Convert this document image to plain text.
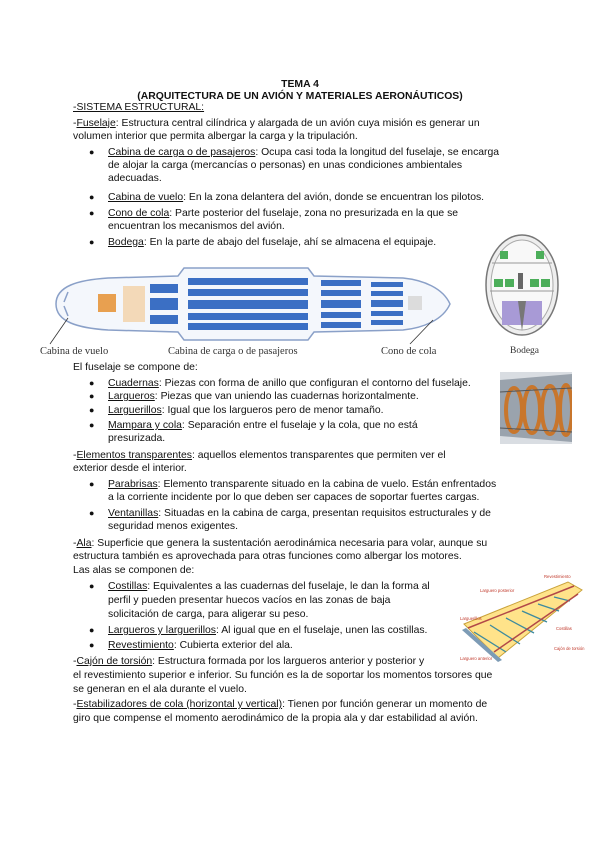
TEMA 4
(ARQUITECTURA DE UN AVIÓN Y MATERIALES AERONÁUTICOS)
-SISTEMA ESTRUCTURAL:
-Fuselaje: Estructura central cilíndrica y alargada de un avión cuya misión es generar un
volumen interior que permita albergar la carga y la tripulación.
● Cabina de carga o de pasajeros: Ocupa casi toda la longitud del fuselaje, se encarga
de alojar la carga (mercancías o personas) en unas condiciones ambientales
adecuadas.
● Cabina de vuelo: En la zona delantera del avión, donde se encuentran los pilotos.
● Cono de cola: Parte posterior del fuselaje, zona no presurizada en la que se
encuentran los mecanismos del avión.
● Bodega: En la parte de abajo del fuselaje, ahí se almacena el equipaje.
Cabina de vuelo	Cabina de carga o de pasajeros	Cono de cola	Bodega
El fuselaje se compone de:
● Cuadernas: Piezas con forma de anillo que configuran el contorno del fuselaje.
● Largueros: Piezas que van uniendo las cuadernas horizontalmente.
● Larguerillos: Igual que los largueros pero de menor tamaño.
● Mampara y cola: Separación entre el fuselaje y la cola, que no está
presurizada.
-Elementos transparentes: aquellos elementos transparentes que permiten ver el
exterior desde el interior.
● Parabrisas: Elemento transparente situado en la cabina de vuelo. Están enfrentados
a la corriente incidente por lo que deben ser capaces de soportar fuertes cargas.
● Ventanillas: Situadas en la cabina de carga, presentan requisitos estructurales y de
seguridad menos exigentes.
-Ala: Superficie que genera la sustentación aerodinámica necesaria para volar, aunque su
estructura también es aprovechada para otras funciones como albergar los motores.
Las alas se componen de:
● Costillas: Equivalentes a las cuadernas del fuselaje, le dan la forma al
perfil y pueden presentar huecos vacíos en las zonas de baja
solicitación de carga, para aligerar su peso.
● Largueros y larguerillos: Al igual que en el fuselaje, unen las costillas.
● Revestimiento: Cubierta exterior del ala.
Revestimiento
Larguero posterior
Costillas
Larguerillos
Larguero anterior
Cajón de torsión
-Cajón de torsión: Estructura formada por los largueros anterior y posterior y
el revestimiento superior e inferior. Su función es la de soportar los momentos torsores que
se generan en el ala durante el vuelo.
-Estabilizadores de cola (horizontal y vertical): Tienen por función generar un momento de
giro que compense el momento aerodinámico de la propia ala y dar estabilidad al avión.
